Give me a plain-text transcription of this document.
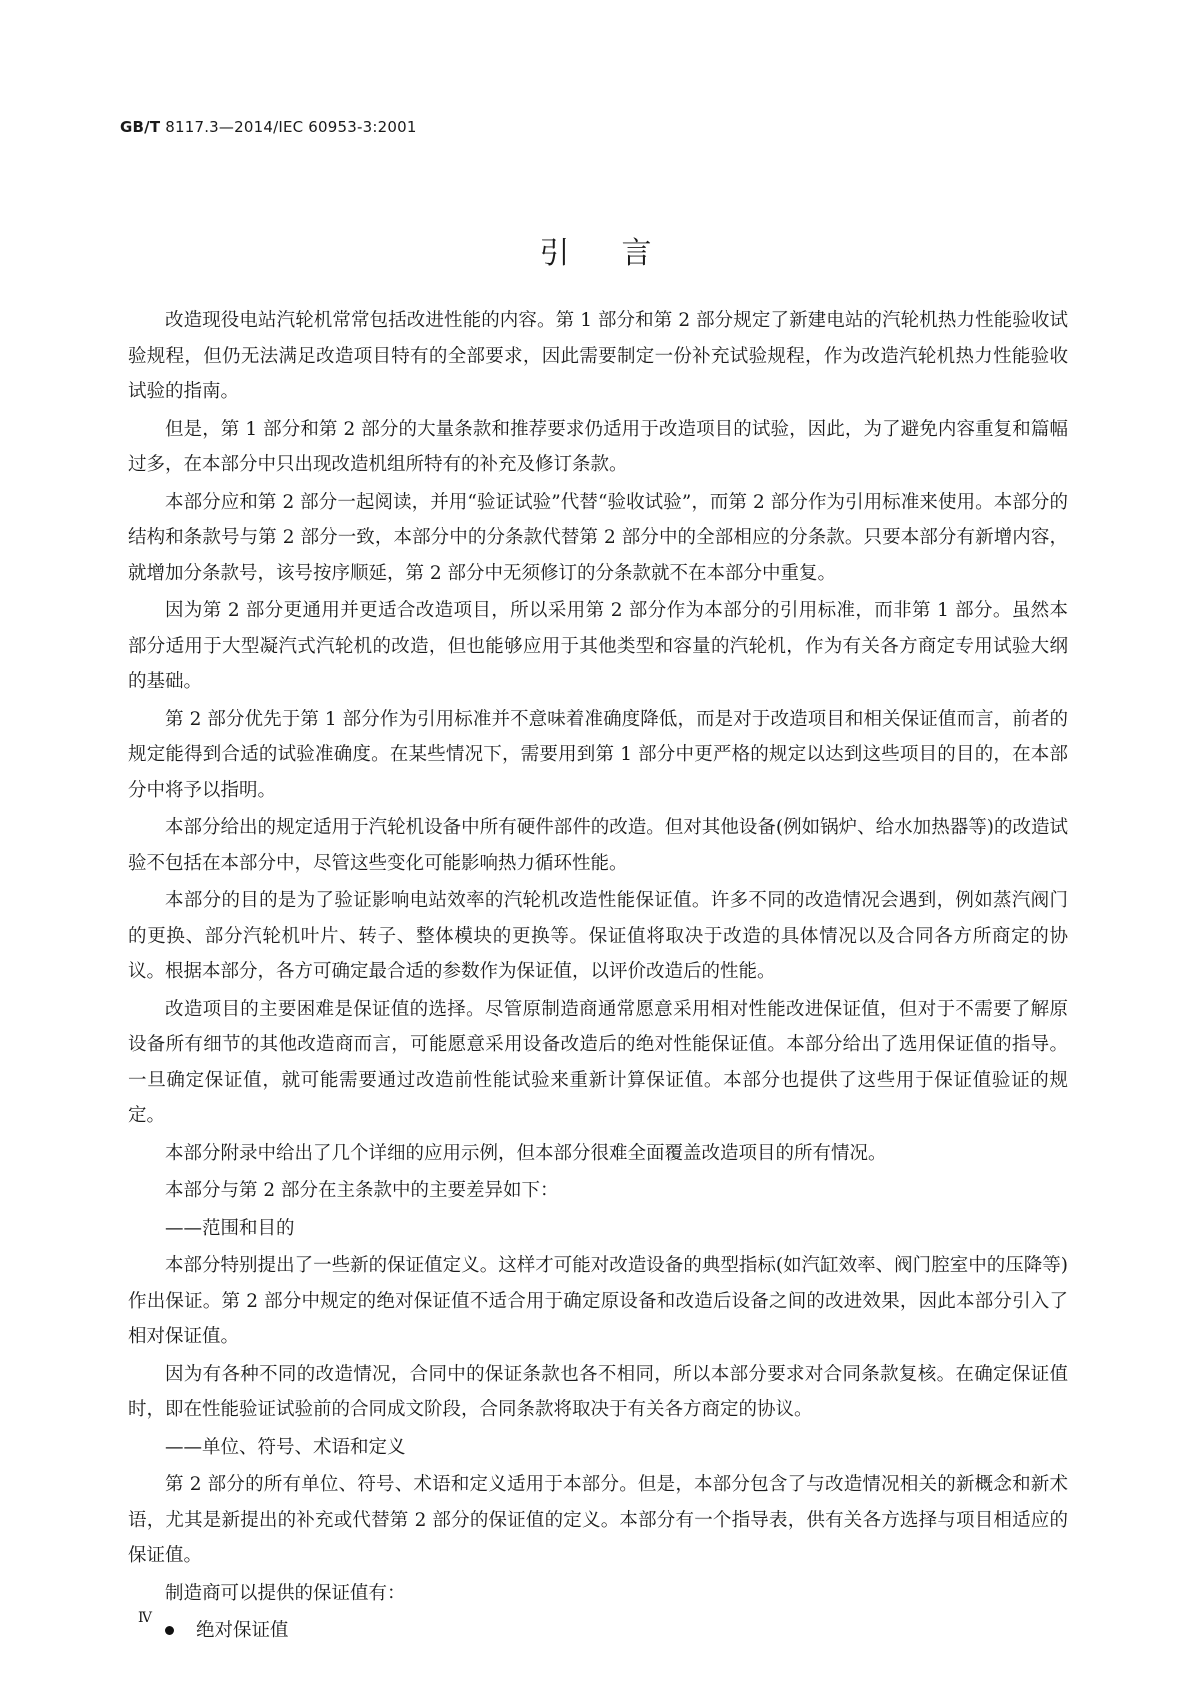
GB/T 8117.3—2014/IEC 60953-3:2001
引言

改造现役电站汽轮机常常包括改进性能的内容。第 1 部分和第 2 部分规定了新建电站的汽轮机热力性能验收试验规程，但仍无法满足改造项目特有的全部要求，因此需要制定一份补充试验规程，作为改造汽轮机热力性能验收试验的指南。

但是，第 1 部分和第 2 部分的大量条款和推荐要求仍适用于改造项目的试验，因此，为了避免内容重复和篇幅过多，在本部分中只出现改造机组所特有的补充及修订条款。

本部分应和第 2 部分一起阅读，并用“验证试验”代替“验收试验”，而第 2 部分作为引用标准来使用。本部分的结构和条款号与第 2 部分一致，本部分中的分条款代替第 2 部分中的全部相应的分条款。只要本部分有新增内容，就增加分条款号，该号按序顺延，第 2 部分中无须修订的分条款就不在本部分中重复。

因为第 2 部分更通用并更适合改造项目，所以采用第 2 部分作为本部分的引用标准，而非第 1 部分。虽然本部分适用于大型凝汽式汽轮机的改造，但也能够应用于其他类型和容量的汽轮机，作为有关各方商定专用试验大纲的基础。

第 2 部分优先于第 1 部分作为引用标准并不意味着准确度降低，而是对于改造项目和相关保证值而言，前者的规定能得到合适的试验准确度。在某些情况下，需要用到第 1 部分中更严格的规定以达到这些项目的目的，在本部分中将予以指明。

本部分给出的规定适用于汽轮机设备中所有硬件部件的改造。但对其他设备(例如锅炉、给水加热器等)的改造试验不包括在本部分中，尽管这些变化可能影响热力循环性能。

本部分的目的是为了验证影响电站效率的汽轮机改造性能保证值。许多不同的改造情况会遇到，例如蒸汽阀门的更换、部分汽轮机叶片、转子、整体模块的更换等。保证值将取决于改造的具体情况以及合同各方所商定的协议。根据本部分，各方可确定最合适的参数作为保证值，以评价改造后的性能。

改造项目的主要困难是保证值的选择。尽管原制造商通常愿意采用相对性能改进保证值，但对于不需要了解原设备所有细节的其他改造商而言，可能愿意采用设备改造后的绝对性能保证值。本部分给出了选用保证值的指导。一旦确定保证值，就可能需要通过改造前性能试验来重新计算保证值。本部分也提供了这些用于保证值验证的规定。

本部分附录中给出了几个详细的应用示例，但本部分很难全面覆盖改造项目的所有情况。

本部分与第 2 部分在主条款中的主要差异如下：

——范围和目的

本部分特别提出了一些新的保证值定义。这样才可能对改造设备的典型指标(如汽缸效率、阀门腔室中的压降等)作出保证。第 2 部分中规定的绝对保证值不适合用于确定原设备和改造后设备之间的改进效果，因此本部分引入了相对保证值。

因为有各种不同的改造情况，合同中的保证条款也各不相同，所以本部分要求对合同条款复核。在确定保证值时，即在性能验证试验前的合同成文阶段，合同条款将取决于有关各方商定的协议。

——单位、符号、术语和定义

第 2 部分的所有单位、符号、术语和定义适用于本部分。但是，本部分包含了与改造情况相关的新概念和新术语，尤其是新提出的补充或代替第 2 部分的保证值的定义。本部分有一个指导表，供有关各方选择与项目相适应的保证值。

制造商可以提供的保证值有：

绝对保证值
Ⅳ
